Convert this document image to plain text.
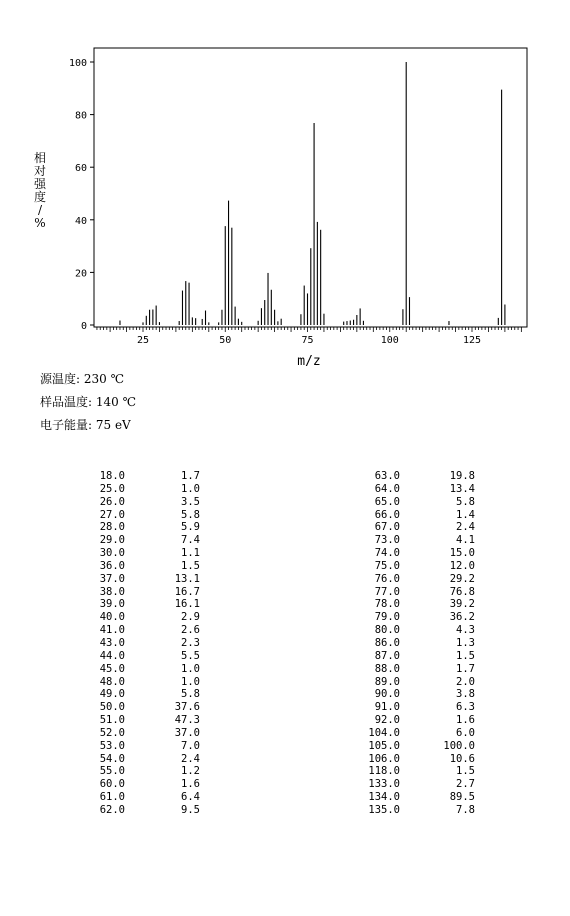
0
20
40
60
80
100
25	50	75	100	125
m/z
相对强度/ %
源温度: 230 ℃
样品温度: 140 ℃
电子能量: 75 eV
18.0	1.7
25.0	1.0
26.0	3.5
27.0	5.8
28.0	5.9
29.0	7.4
30.0	1.1
36.0	1.5
37.0	13.1
38.0	16.7
39.0	16.1
40.0	2.9
41.0	2.6
43.0	2.3
44.0	5.5
45.0	1.0
48.0	1.0
49.0	5.8
50.0	37.6
51.0	47.3
52.0	37.0
53.0	7.0
54.0	2.4
55.0	1.2
60.0	1.6
61.0	6.4
62.0	9.5
63.0	19.8
64.0	13.4
65.0	5.8
66.0	1.4
67.0	2.4
73.0	4.1
74.0	15.0
75.0	12.0
76.0	29.2
77.0	76.8
78.0	39.2
79.0	36.2
80.0	4.3
86.0	1.3
87.0	1.5
88.0	1.7
89.0	2.0
90.0	3.8
91.0	6.3
92.0	1.6
104.0	6.0
105.0	100.0
106.0	10.6
118.0	1.5
133.0	2.7
134.0	89.5
135.0	7.8
